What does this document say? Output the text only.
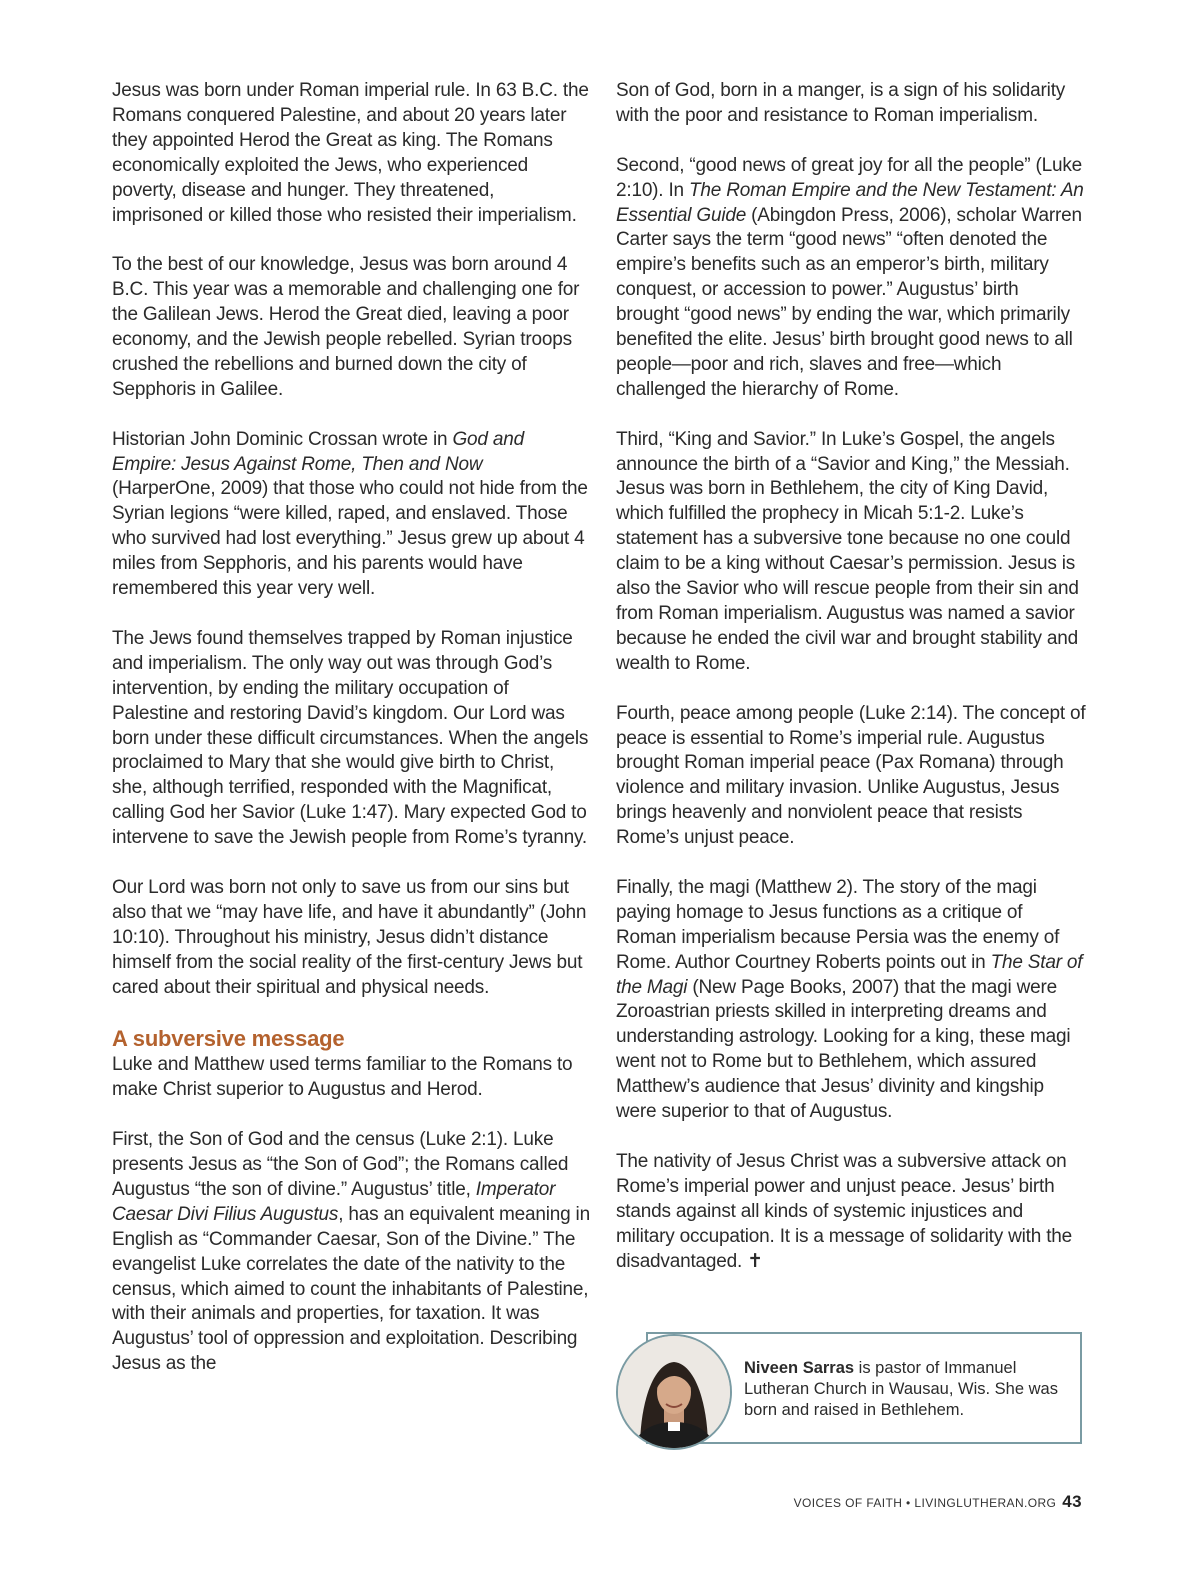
Jesus was born under Roman imperial rule. In 63 B.C. the Romans conquered Palestine, and about 20 years later they appointed Herod the Great as king. The Romans economically exploited the Jews, who experienced poverty, disease and hunger. They threatened, imprisoned or killed those who resisted their imperialism.

To the best of our knowledge, Jesus was born around 4 B.C. This year was a memorable and challenging one for the Galilean Jews. Herod the Great died, leaving a poor economy, and the Jewish people rebelled. Syrian troops crushed the rebellions and burned down the city of Sepphoris in Galilee.

Historian John Dominic Crossan wrote in God and Empire: Jesus Against Rome, Then and Now (HarperOne, 2009) that those who could not hide from the Syrian legions “were killed, raped, and enslaved. Those who survived had lost everything.” Jesus grew up about 4 miles from Sepphoris, and his parents would have remembered this year very well.

The Jews found themselves trapped by Roman injustice and imperialism. The only way out was through God’s intervention, by ending the military occupation of Palestine and restoring David’s kingdom. Our Lord was born under these difficult circumstances. When the angels proclaimed to Mary that she would give birth to Christ, she, although terrified, responded with the Magnificat, calling God her Savior (Luke 1:47). Mary expected God to intervene to save the Jewish people from Rome’s tyranny.

Our Lord was born not only to save us from our sins but also that we “may have life, and have it abundantly” (John 10:10). Throughout his ministry, Jesus didn’t distance himself from the social reality of the first-century Jews but cared about their spiritual and physical needs.

A subversive message

Luke and Matthew used terms familiar to the Romans to make Christ superior to Augustus and Herod.

First, the Son of God and the census (Luke 2:1). Luke presents Jesus as “the Son of God”; the Romans called Augustus “the son of divine.” Augustus’ title, Imperator Caesar Divi Filius Augustus, has an equivalent meaning in English as “Commander Caesar, Son of the Divine.” The evangelist Luke correlates the date of the nativity to the census, which aimed to count the inhabitants of Palestine, with their animals and properties, for taxation. It was Augustus’ tool of oppression and exploitation. Describing Jesus as the

Son of God, born in a manger, is a sign of his solidarity with the poor and resistance to Roman imperialism.

Second, “good news of great joy for all the people” (Luke 2:10). In The Roman Empire and the New Testament: An Essential Guide (Abingdon Press, 2006), scholar Warren Carter says the term “good news” “often denoted the empire’s benefits such as an emperor’s birth, military conquest, or accession to power.” Augustus’ birth brought “good news” by ending the war, which primarily benefited the elite. Jesus’ birth brought good news to all people—poor and rich, slaves and free—which challenged the hierarchy of Rome.

Third, “King and Savior.” In Luke’s Gospel, the angels announce the birth of a “Savior and King,” the Messiah. Jesus was born in Bethlehem, the city of King David, which fulfilled the prophecy in Micah 5:1-2. Luke’s statement has a subversive tone because no one could claim to be a king without Caesar’s permission. Jesus is also the Savior who will rescue people from their sin and from Roman imperialism. Augustus was named a savior because he ended the civil war and brought stability and wealth to Rome.

Fourth, peace among people (Luke 2:14). The concept of peace is essential to Rome’s imperial rule. Augustus brought Roman imperial peace (Pax Romana) through violence and military invasion. Unlike Augustus, Jesus brings heavenly and nonviolent peace that resists Rome’s unjust peace.

Finally, the magi (Matthew 2). The story of the magi paying homage to Jesus functions as a critique of Roman imperialism because Persia was the enemy of Rome. Author Courtney Roberts points out in The Star of the Magi (New Page Books, 2007) that the magi were Zoroastrian priests skilled in interpreting dreams and understanding astrology. Looking for a king, these magi went not to Rome but to Bethlehem, which assured Matthew’s audience that Jesus’ divinity and kingship were superior to that of Augustus.

The nativity of Jesus Christ was a subversive attack on Rome’s imperial power and unjust peace. Jesus’ birth stands against all kinds of systemic injustices and military occupation. It is a message of solidarity with the disadvantaged. ✝

Niveen Sarras is pastor of Immanuel Lutheran Church in Wausau, Wis. She was born and raised in Bethlehem.
VOICES OF FAITH • LIVINGLUTHERAN.ORG 43
